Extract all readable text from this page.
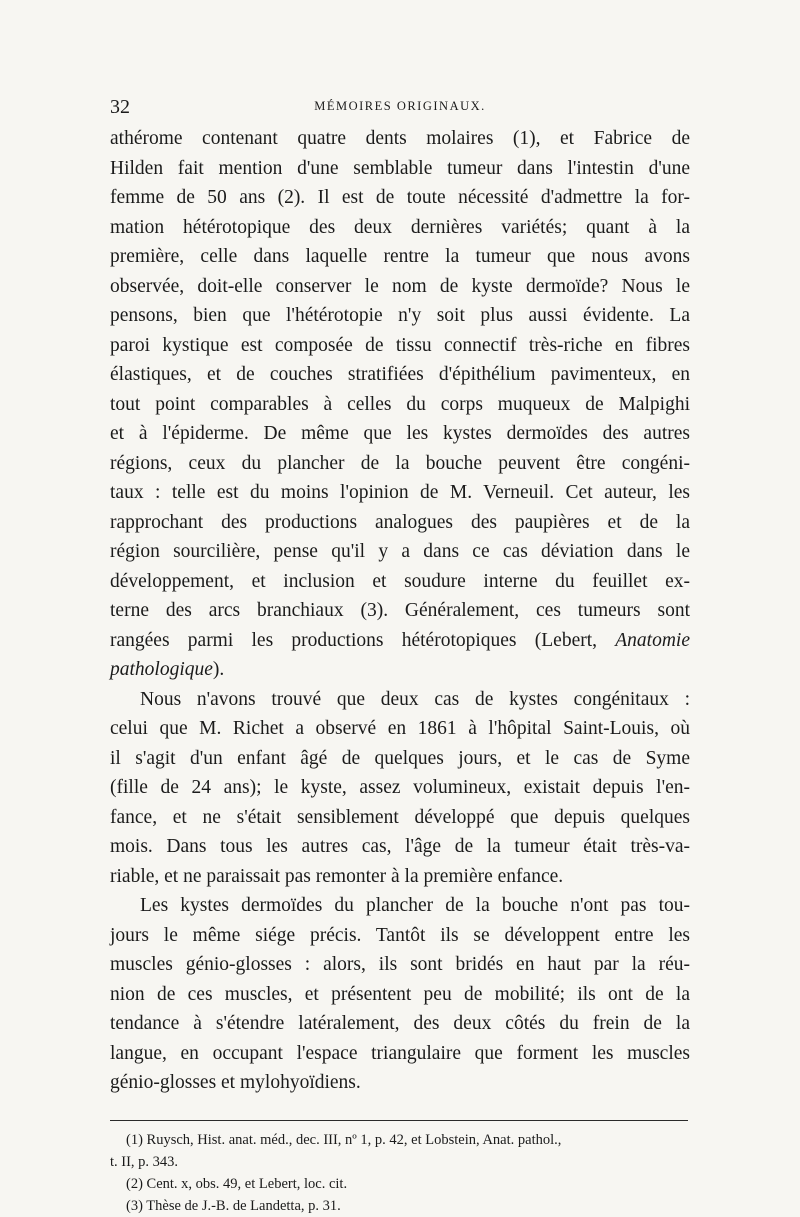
32	MÉMOIRES ORIGINAUX.
athérome contenant quatre dents molaires (1), et Fabrice de
Hilden fait mention d'une semblable tumeur dans l'intestin d'une
femme de 50 ans (2). Il est de toute nécessité d'admettre la for-
mation hétérotopique des deux dernières variétés; quant à la
première, celle dans laquelle rentre la tumeur que nous avons
observée, doit-elle conserver le nom de kyste dermoïde? Nous le
pensons, bien que l'hétérotopie n'y soit plus aussi évidente. La
paroi kystique est composée de tissu connectif très-riche en fibres
élastiques, et de couches stratifiées d'épithélium pavimenteux, en
tout point comparables à celles du corps muqueux de Malpighi
et à l'épiderme. De même que les kystes dermoïdes des autres
régions, ceux du plancher de la bouche peuvent être congéni-
taux : telle est du moins l'opinion de M. Verneuil. Cet auteur, les
rapprochant des productions analogues des paupières et de la
région sourcilière, pense qu'il y a dans ce cas déviation dans le
développement, et inclusion et soudure interne du feuillet ex-
terne des arcs branchiaux (3). Généralement, ces tumeurs sont
rangées parmi les productions hétérotopiques (Lebert, Anatomie
pathologique).
Nous n'avons trouvé que deux cas de kystes congénitaux :
celui que M. Richet a observé en 1861 à l'hôpital Saint-Louis, où
il s'agit d'un enfant âgé de quelques jours, et le cas de Syme
(fille de 24 ans); le kyste, assez volumineux, existait depuis l'en-
fance, et ne s'était sensiblement développé que depuis quelques
mois. Dans tous les autres cas, l'âge de la tumeur était très-va-
riable, et ne paraissait pas remonter à la première enfance.
Les kystes dermoïdes du plancher de la bouche n'ont pas tou-
jours le même siége précis. Tantôt ils se développent entre les
muscles génio-glosses : alors, ils sont bridés en haut par la réu-
nion de ces muscles, et présentent peu de mobilité; ils ont de la
tendance à s'étendre latéralement, des deux côtés du frein de la
langue, en occupant l'espace triangulaire que forment les muscles
génio-glosses et mylohyoïdiens.
(1) Ruysch, Hist. anat. méd., dec. III, nº 1, p. 42, et Lobstein, Anat. pathol.,
t. II, p. 343.
(2) Cent. x, obs. 49, et Lebert, loc. cit.
(3) Thèse de J.-B. de Landetta, p. 31.
